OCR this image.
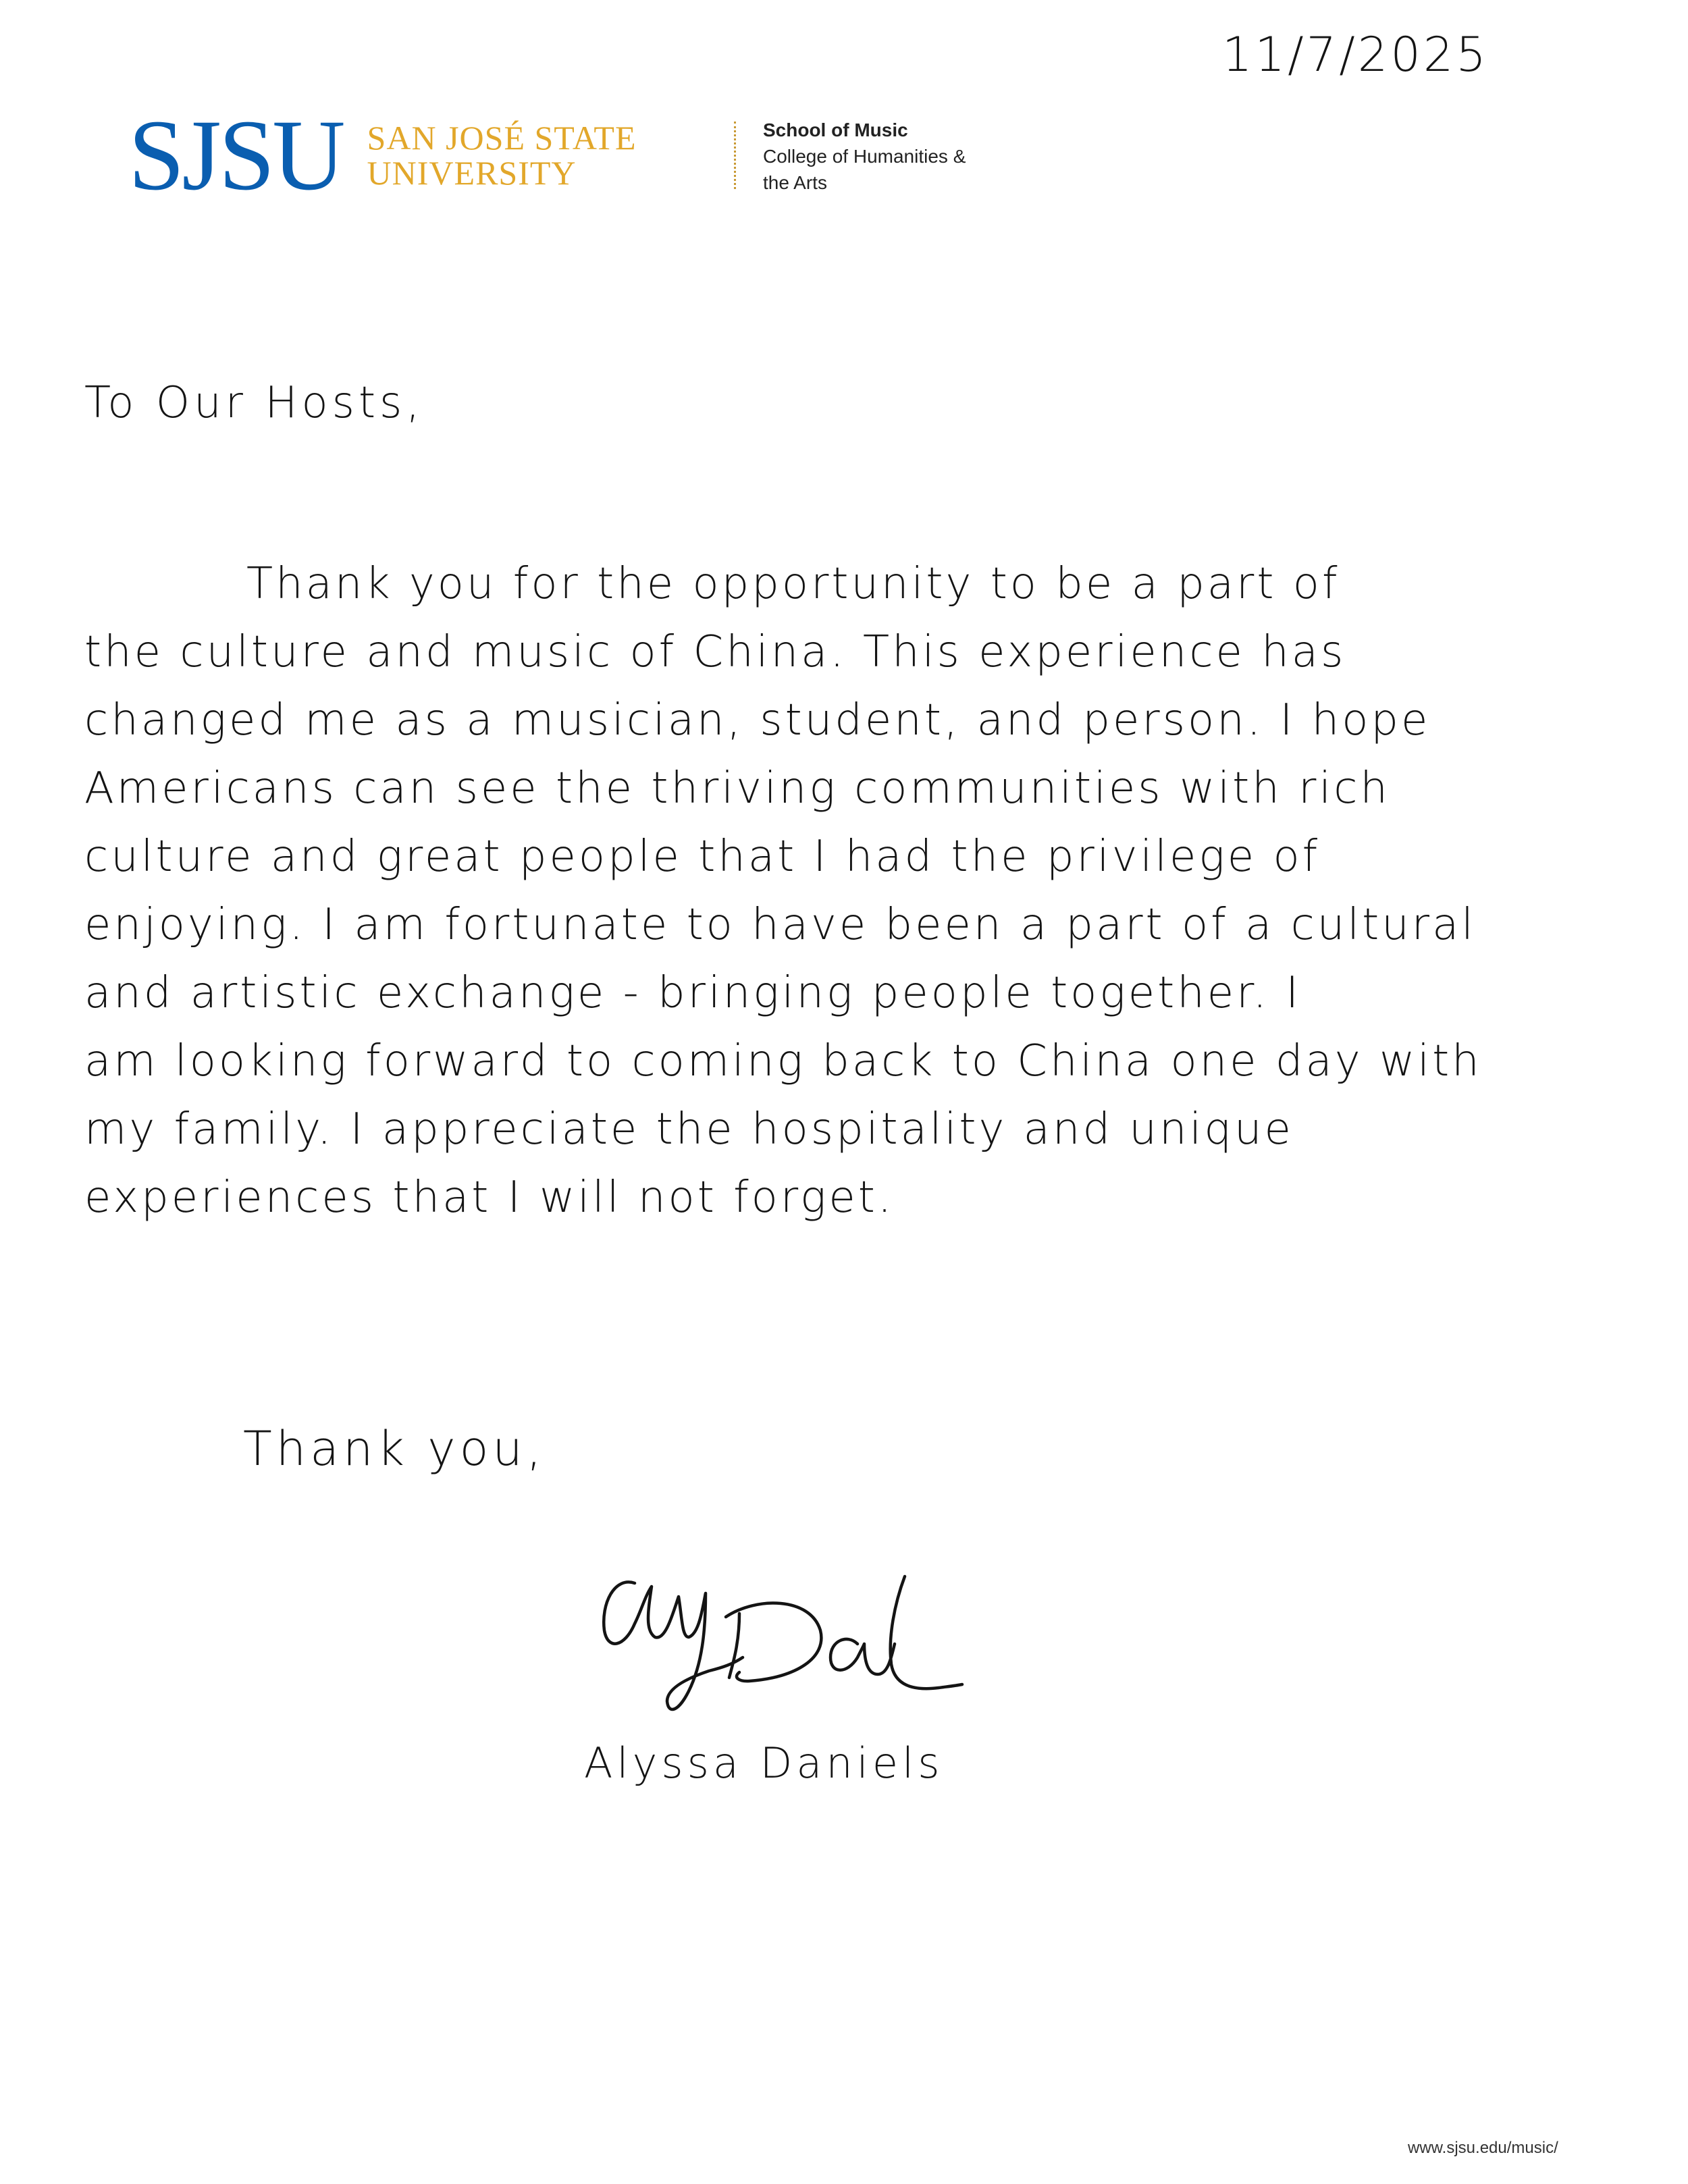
11/7/2025
SJSU SAN JOSÉ STATE
UNIVERSITY
School of Music
College of Humanities &
the Arts
To Our Hosts,
Thank you for the opportunity to be a part of
the culture and music of China. This experience has
changed me as a musician, student, and person. I hope
Americans can see the thriving communities with rich
culture and great people that I had the privilege of
enjoying. I am fortunate to have been a part of a cultural
and artistic exchange - bringing people together. I
am looking forward to coming back to China one day with
my family. I appreciate the hospitality and unique
experiences that I will not forget.
Thank you,
Alyssa Daniels
www.sjsu.edu/music/
